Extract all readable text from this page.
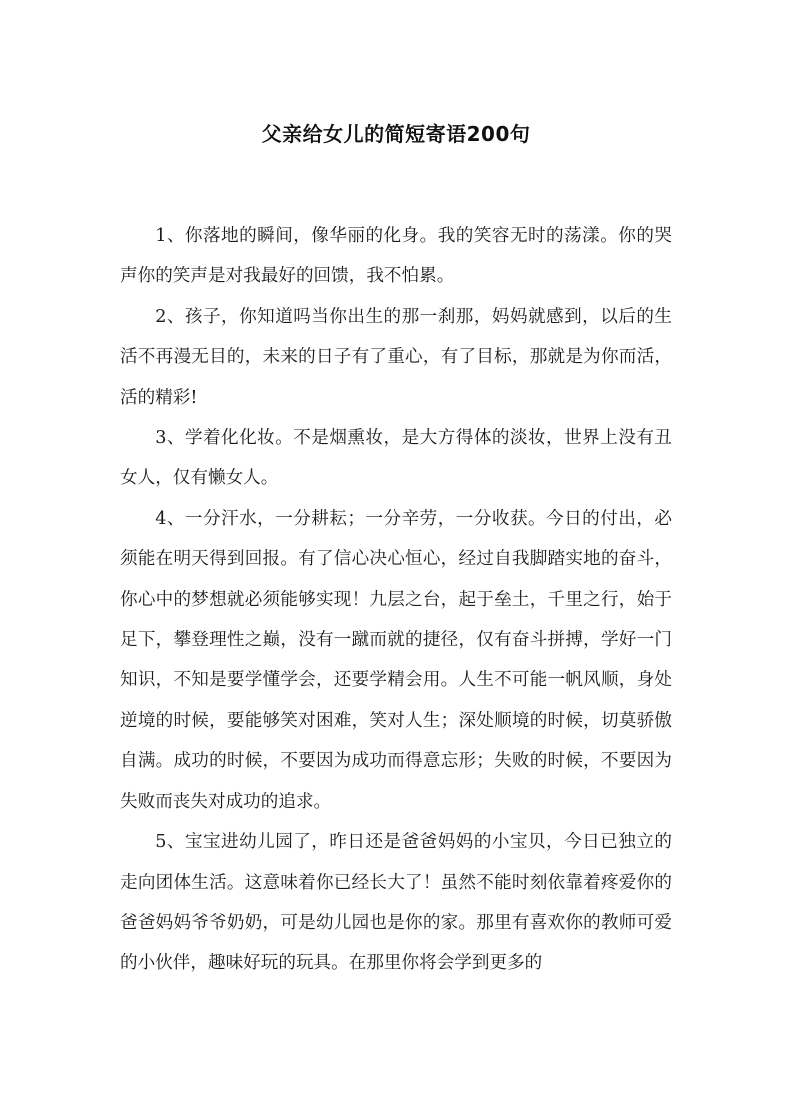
父亲给女儿的简短寄语200句

1、你落地的瞬间，像华丽的化身。我的笑容无时的荡漾。你的哭声你的笑声是对我最好的回馈，我不怕累。

2、孩子，你知道吗当你出生的那一刹那，妈妈就感到，以后的生活不再漫无目的，未来的日子有了重心，有了目标，那就是为你而活，活的精彩!

3、学着化化妆。不是烟熏妆，是大方得体的淡妆，世界上没有丑女人，仅有懒女人。

4、一分汗水，一分耕耘；一分辛劳，一分收获。今日的付出，必须能在明天得到回报。有了信心决心恒心，经过自我脚踏实地的奋斗，你心中的梦想就必须能够实现！九层之台，起于垒土，千里之行，始于足下，攀登理性之巅，没有一蹴而就的捷径，仅有奋斗拼搏，学好一门知识，不知是要学懂学会，还要学精会用。人生不可能一帆风顺，身处逆境的时候，要能够笑对困难，笑对人生；深处顺境的时候，切莫骄傲自满。成功的时候，不要因为成功而得意忘形；失败的时候，不要因为失败而丧失对成功的追求。

5、宝宝进幼儿园了，昨日还是爸爸妈妈的小宝贝，今日已独立的走向团体生活。这意味着你已经长大了！虽然不能时刻依靠着疼爱你的爸爸妈妈爷爷奶奶，可是幼儿园也是你的家。那里有喜欢你的教师可爱的小伙伴，趣味好玩的玩具。在那里你将会学到更多的
